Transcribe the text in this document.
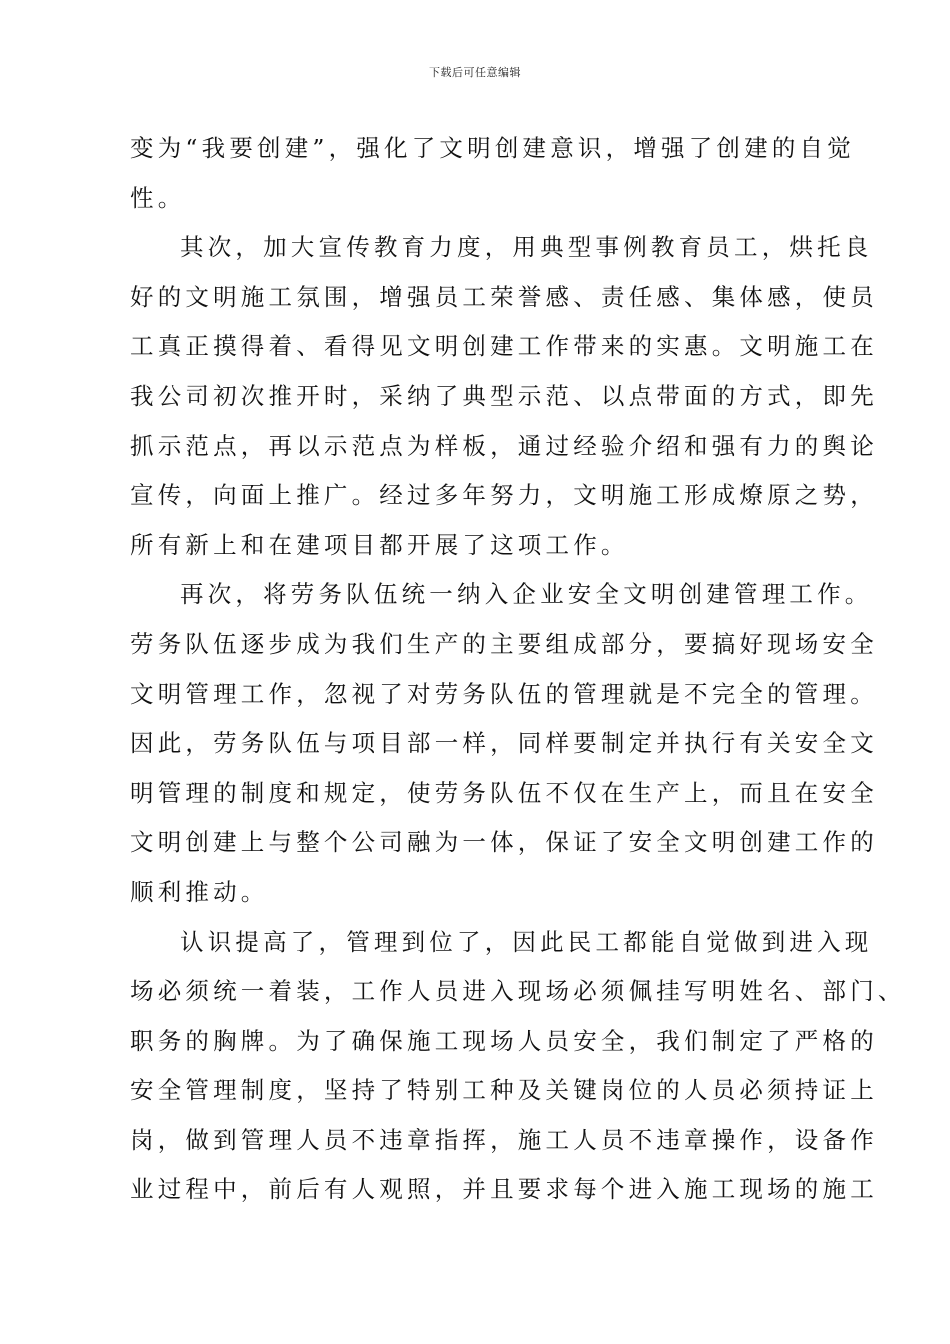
下载后可任意编辑
变为“我要创建”，强化了文明创建意识，增强了创建的自觉
性。
其次，加大宣传教育力度，用典型事例教育员工，烘托良
好的文明施工氛围，增强员工荣誉感、责任感、集体感，使员
工真正摸得着、看得见文明创建工作带来的实惠。文明施工在
我公司初次推开时，采纳了典型示范、以点带面的方式，即先
抓示范点，再以示范点为样板，通过经验介绍和强有力的舆论
宣传，向面上推广。经过多年努力，文明施工形成燎原之势，
所有新上和在建项目都开展了这项工作。
再次，将劳务队伍统一纳入企业安全文明创建管理工作。
劳务队伍逐步成为我们生产的主要组成部分，要搞好现场安全
文明管理工作，忽视了对劳务队伍的管理就是不完全的管理。
因此，劳务队伍与项目部一样，同样要制定并执行有关安全文
明管理的制度和规定，使劳务队伍不仅在生产上，而且在安全
文明创建上与整个公司融为一体，保证了安全文明创建工作的
顺利推动。
认识提高了，管理到位了，因此民工都能自觉做到进入现
场必须统一着装，工作人员进入现场必须佩挂写明姓名、部门、
职务的胸牌。为了确保施工现场人员安全，我们制定了严格的
安全管理制度，坚持了特别工种及关键岗位的人员必须持证上
岗，做到管理人员不违章指挥，施工人员不违章操作，设备作
业过程中，前后有人观照，并且要求每个进入施工现场的施工
